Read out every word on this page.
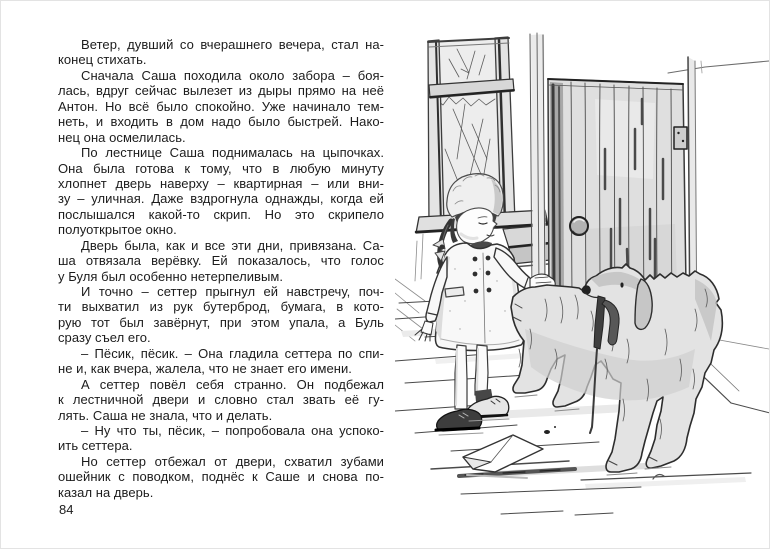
Ветер, дувший со вчерашнего вечера, стал на-
конец стихать.
Сначала Саша походила около забора – боя-
лась, вдруг сейчас вылезет из дыры прямо на неё
Антон. Но всё было спокойно. Уже начинало тем-
неть, и входить в дом надо было быстрей. Нако-
нец она осмелилась.
По лестнице Саша поднималась на цыпочках.
Она была готова к тому, что в любую минуту
хлопнет дверь наверху – квартирная – или вни-
зу – уличная. Даже вздрогнула однажды, когда ей
послышался какой-то скрип. Но это скрипело
полуоткрытое окно.
Дверь была, как и все эти дни, привязана. Са-
ша отвязала верёвку. Ей показалось, что голос
у Буля был особенно нетерпеливым.
И точно – сеттер прыгнул ей навстречу, поч-
ти выхватил из рук бутерброд, бумага, в кото-
рую тот был завёрнут, при этом упала, а Буль
сразу съел его.
– Пёсик, пёсик. – Она гладила сеттера по спи-
не и, как вчера, жалела, что не знает его имени.
А сеттер повёл себя странно. Он подбежал
к лестничной двери и словно стал звать её гу-
лять. Саша не знала, что и делать.
– Ну что ты, пёсик, – попробовала она успоко-
ить сеттера.
Но сеттер отбежал от двери, схватил зубами
ошейник с поводком, поднёс к Саше и снова по-
казал на дверь.
84
